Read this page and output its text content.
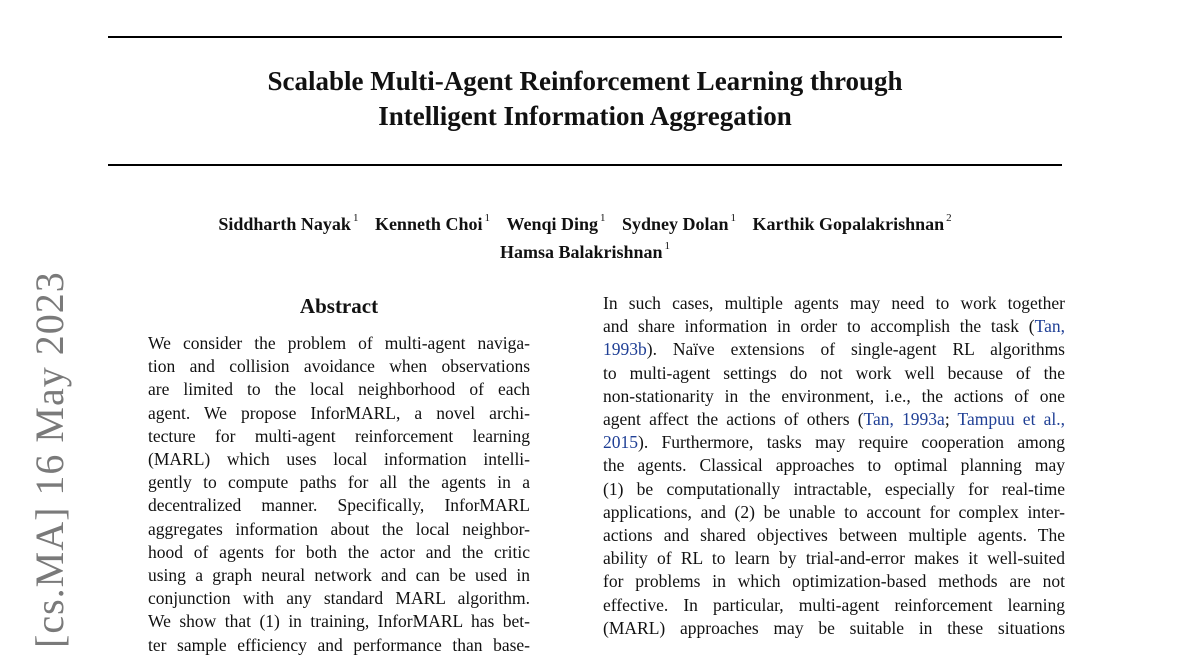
Scalable Multi-Agent Reinforcement Learning through
Intelligent Information Aggregation
Siddharth Nayak $^1$ Kenneth Choi $^1$ Wenqi Ding $^1$ Sydney Dolan $^1$ Karthik Gopalakrishnan $^2$
Hamsa Balakrishnan $^1$
[cs.MA] 16 May 2023	Abstract
We consider the problem of multi-agent naviga-
tion and collision avoidance when observations
are limited to the local neighborhood of each
agent. We propose InforMARL, a novel archi-
tecture for multi-agent reinforcement learning
(MARL) which uses local information intelli-
gently to compute paths for all the agents in a
decentralized manner. Specifically, InforMARL
aggregates information about the local neighbor-
hood of agents for both the actor and the critic
using a graph neural network and can be used in
conjunction with any standard MARL algorithm.
We show that (1) in training, InforMARL has bet-
ter sample efficiency and performance than base-
In such cases, multiple agents may need to work together
and share information in order to accomplish the task (Tan,
1993b). Naïve extensions of single-agent RL algorithms
to multi-agent settings do not work well because of the
non-stationarity in the environment, i.e., the actions of one
agent affect the actions of others (Tan, 1993a; Tampuu et al.,
2015). Furthermore, tasks may require cooperation among
the agents. Classical approaches to optimal planning may
(1) be computationally intractable, especially for real-time
applications, and (2) be unable to account for complex inter-
actions and shared objectives between multiple agents. The
ability of RL to learn by trial-and-error makes it well-suited
for problems in which optimization-based methods are not
effective. In particular, multi-agent reinforcement learning
(MARL) approaches may be suitable in these situations
